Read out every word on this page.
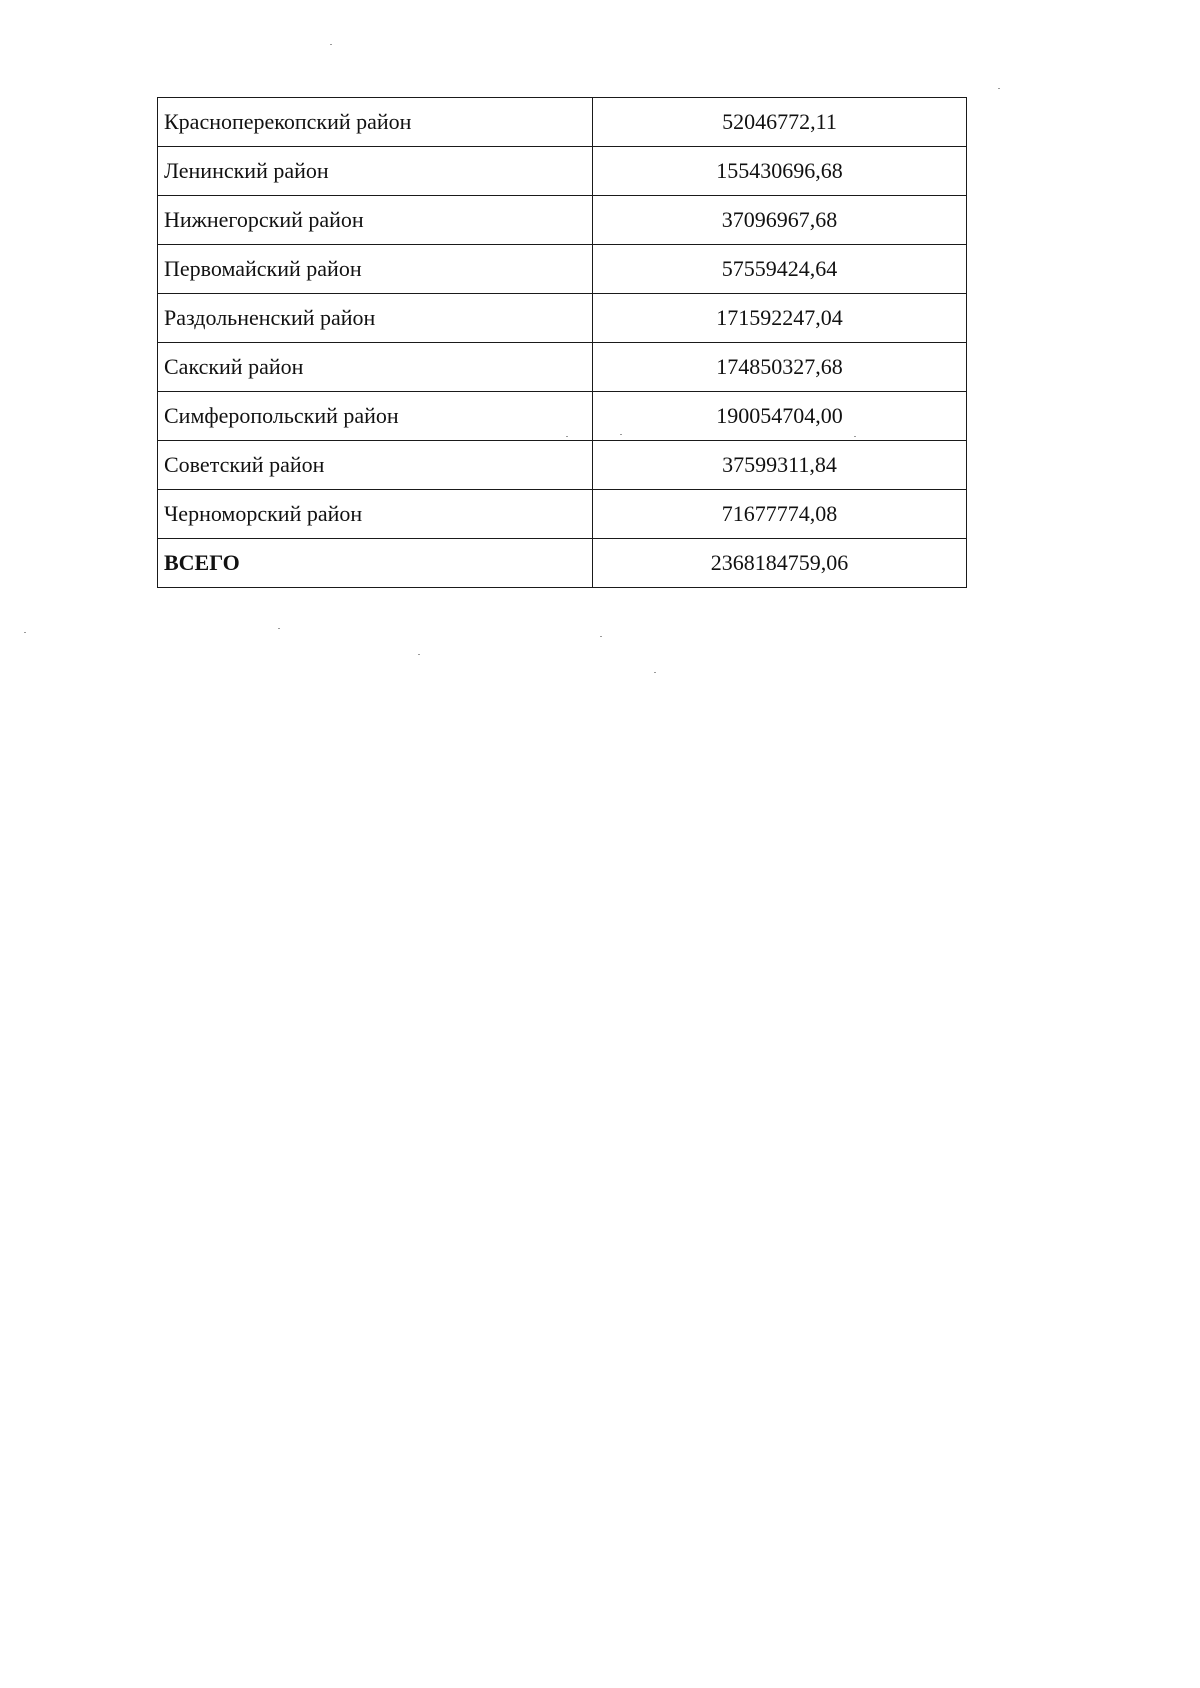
Красноперекопский район	52046772,11
Ленинский район	155430696,68
Нижнегорский район	37096967,68
Первомайский район	57559424,64
Раздольненский район	171592247,04
Сакский район	174850327,68
Симферопольский район	190054704,00
Советский район	37599311,84
Черноморский район	71677774,08
ВСЕГО	2368184759,06
